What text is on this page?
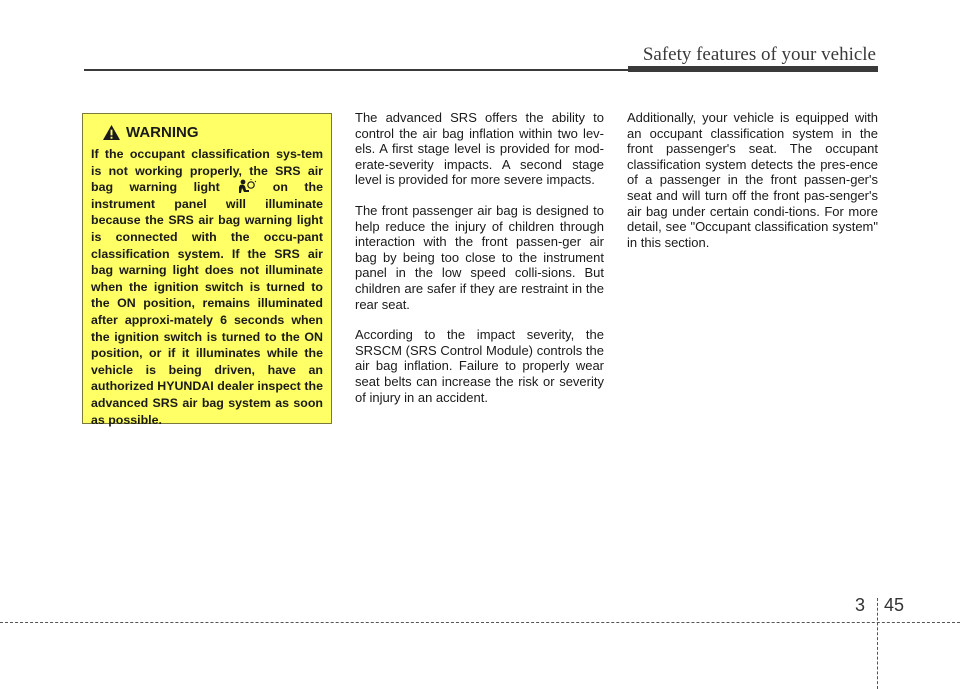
Safety features of your vehicle
WARNING

If the occupant classification sys-tem is not working properly, the SRS air bag warning light  on the instrument panel will illuminate because the SRS air bag warning light is connected with the occu-pant classification system. If the SRS air bag warning light does not illuminate when the ignition switch is turned to the ON position, remains illuminated after approxi-mately 6 seconds when the ignition switch is turned to the ON position, or if it illuminates while the vehicle is being driven, have an authorized HYUNDAI dealer inspect the advanced SRS air bag system as soon as possible.

The advanced SRS offers the ability to control the air bag inflation within two lev-els. A first stage level is provided for mod-erate-severity impacts. A second stage level is provided for more severe impacts.

The front passenger air bag is designed to help reduce the injury of children through interaction with the front passen-ger air bag by being too close to the instrument panel in the low speed colli-sions. But children are safer if they are restraint in the rear seat.

According to the impact severity, the SRSCM (SRS Control Module) controls the air bag inflation. Failure to properly wear seat belts can increase the risk or severity of injury in an accident.

Additionally, your vehicle is equipped with an occupant classification system in the front passenger's seat. The occupant classification system detects the pres-ence of a passenger in the front passen-ger's seat and will turn off the front pas-senger's air bag under certain condi-tions. For more detail, see "Occupant classification system" in this section.

3 45
